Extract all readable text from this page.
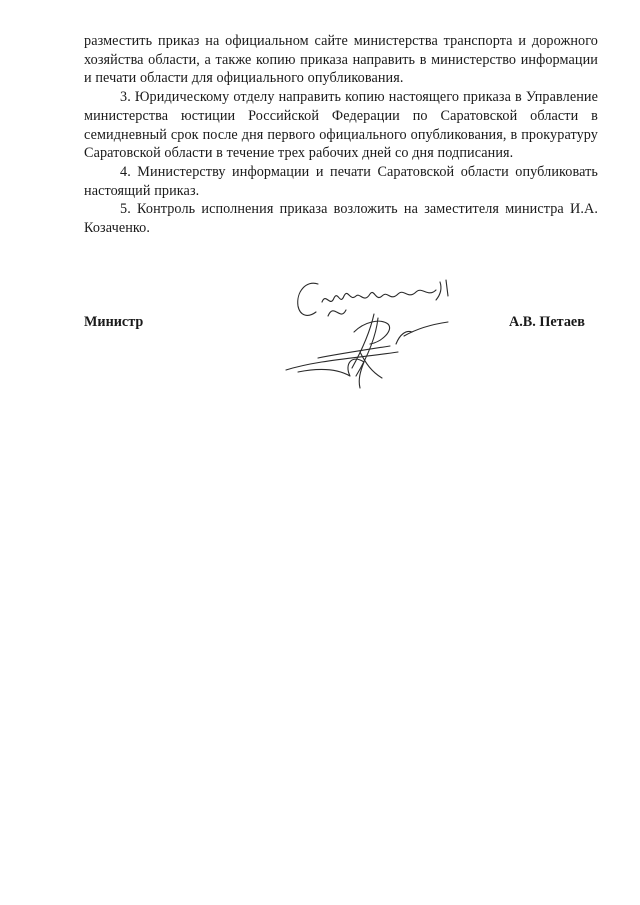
разместить приказ на официальном сайте министерства транспорта и дорожного хозяйства области, а также копию приказа направить в министерство информации и печати области для официального опубликования.

3. Юридическому отделу направить копию настоящего приказа в Управление министерства юстиции Российской Федерации по Саратовской области в семидневный срок после дня первого официального опубликования, в прокуратуру Саратовской области в течение трех рабочих дней со дня подписания.

4. Министерству информации и печати Саратовской области опубликовать настоящий приказ.

5. Контроль исполнения приказа возложить на заместителя министра И.А. Козаченко.

Министр	А.В. Петаев
